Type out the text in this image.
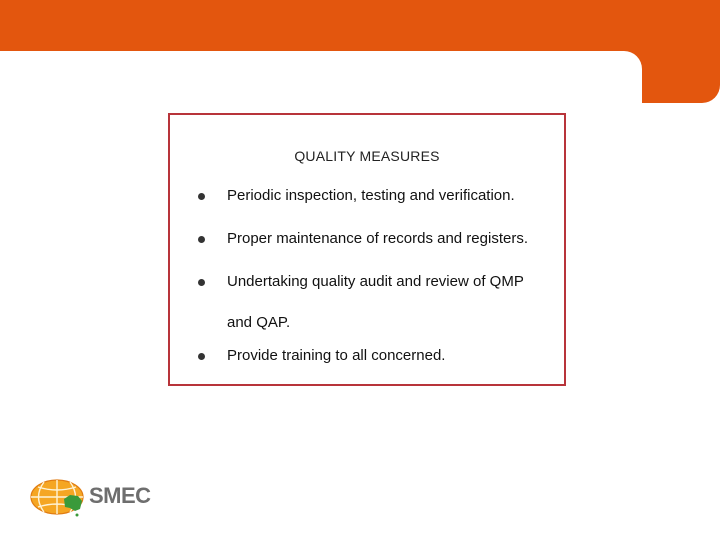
QUALITY MEASURES
Periodic inspection, testing and verification.
Proper maintenance of records and registers.
Undertaking quality audit and review of QMP and QAP.
Provide training to all concerned.
SMEC
